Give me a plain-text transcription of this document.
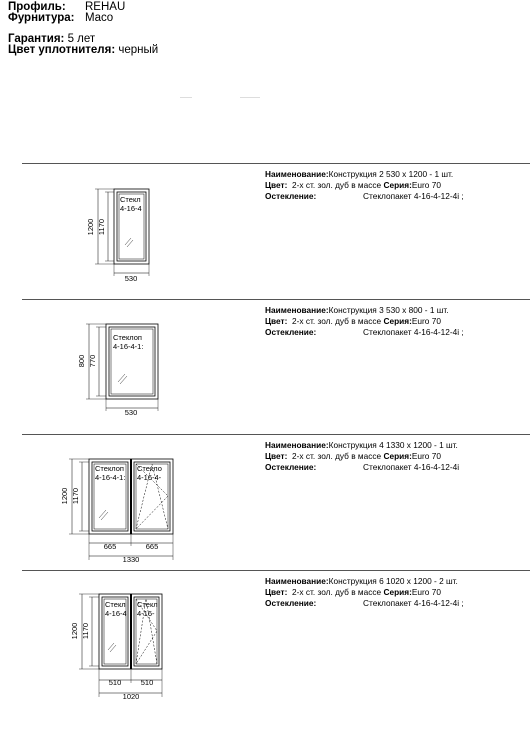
Профиль: REHAU
Фурнитура: Maco
Гарантия: 5 лет
Цвет уплотнителя: черный
Наименование:Конструкция 2 530 x 1200 - 1 шт.
Цвет: 2-х ст. зол. дуб в массе Серия:Euro 70
Остекление:	Стеклопакет 4-16-4-12-4i ;
Наименование:Конструкция 3 530 x 800 - 1 шт.
Цвет: 2-х ст. зол. дуб в массе Серия:Euro 70
Остекление:	Стеклопакет 4-16-4-12-4i ;
Наименование:Конструкция 4 1330 x 1200 - 1 шт.
Цвет: 2-х ст. зол. дуб в массе Серия:Euro 70
Остекление:	Стеклопакет 4-16-4-12-4i
Наименование:Конструкция 6 1020 x 1200 - 2 шт.
Цвет: 2-х ст. зол. дуб в массе Серия:Euro 70
Остекление:	Стеклопакет 4-16-4-12-4i ;
Стекл
4-16-4
1200 1170
530
Стеклоп
4-16-4-1:
800 770
530
Стеклоп
4-16-4-1:
Стекло
4-16-4-
1200 1170
665	665
1330
Стекл
4-16-4
Стекл
4-16-
1200 1170
510	510
1020
